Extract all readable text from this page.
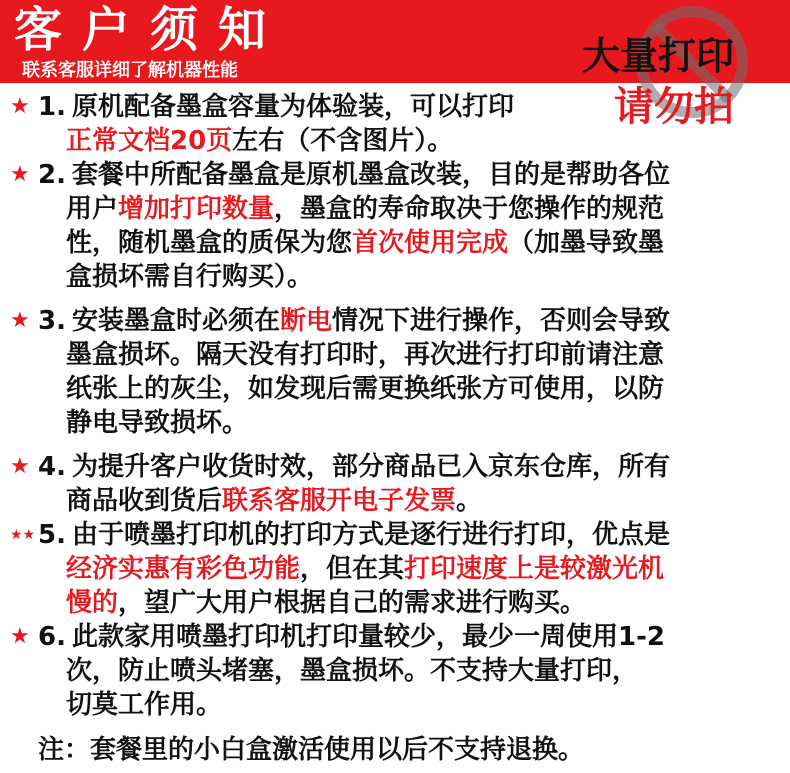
客户须知
联系客服详细了解机器性能	大量打印
请勿拍
★ 1. 原机配备墨盒容量为体验装，可以打印
正常文档20页左右（不含图片）。
★ 2. 套餐中所配备墨盒是原机墨盒改装，目的是帮助各位
用户增加打印数量，墨盒的寿命取决于您操作的规范
性，随机墨盒的质保为您首次使用完成（加墨导致墨
盒损坏需自行购买）。
★ 3. 安装墨盒时必须在断电情况下进行操作，否则会导致
墨盒损坏。隔天没有打印时，再次进行打印前请注意
纸张上的灰尘，如发现后需更换纸张方可使用，以防
静电导致损坏。
★ 4. 为提升客户收货时效，部分商品已入京东仓库，所有
商品收到货后联系客服开电子发票。
★★ 5. 由于喷墨打印机的打印方式是逐行进行打印，优点是
经济实惠有彩色功能，但在其打印速度上是较激光机
慢的，望广大用户根据自己的需求进行购买。
★ 6. 此款家用喷墨打印机打印量较少，最少一周使用1-2
次，防止喷头堵塞，墨盒损坏。不支持大量打印，
切莫工作用。
注：套餐里的小白盒激活使用以后不支持退换。
